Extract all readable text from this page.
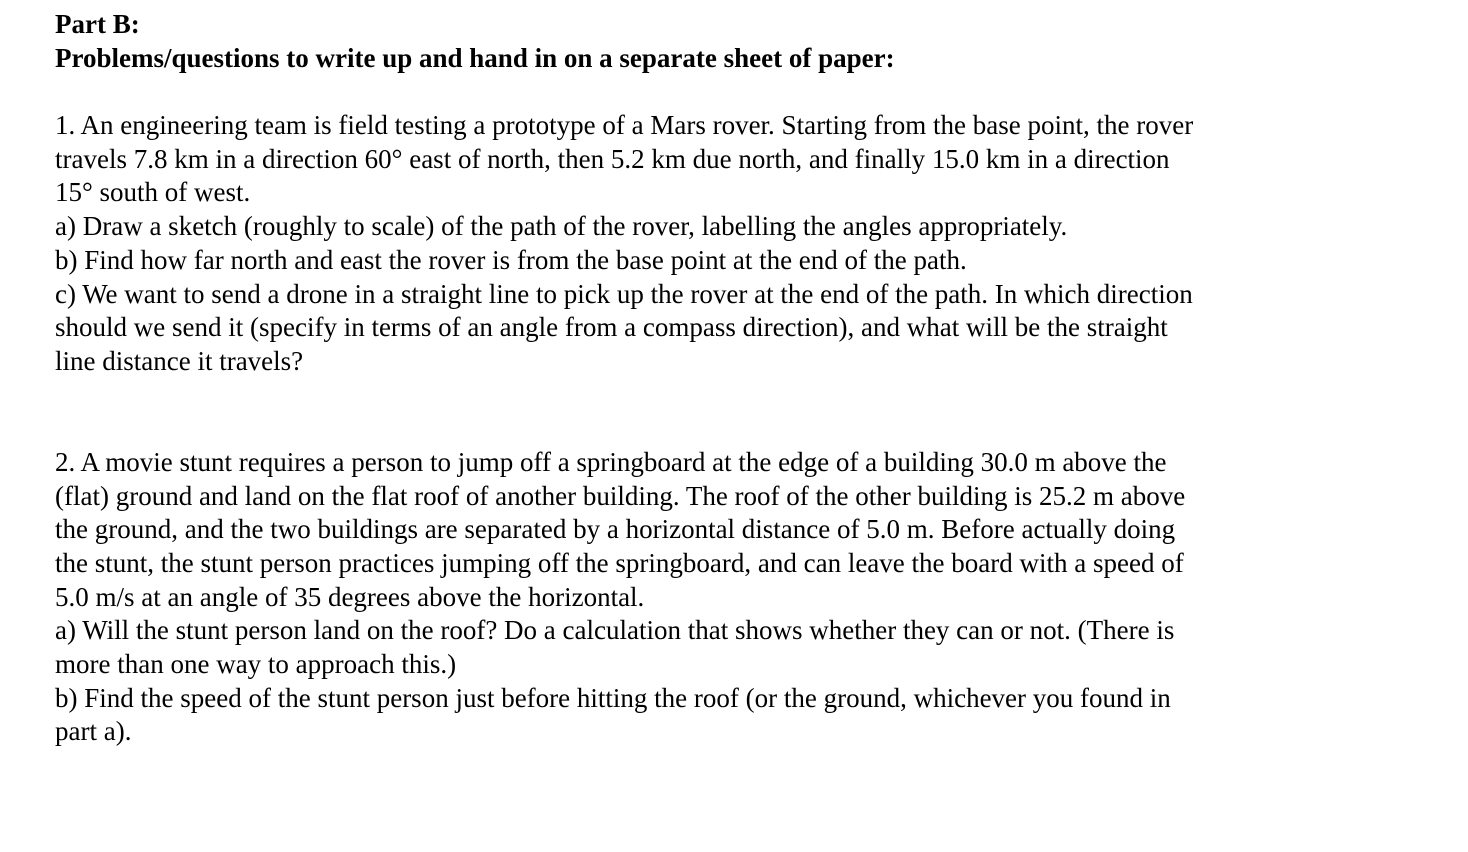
Part B:
Problems/questions to write up and hand in on a separate sheet of paper:
1. An engineering team is field testing a prototype of a Mars rover. Starting from the base point, the rover
travels 7.8 km in a direction 60° east of north, then 5.2 km due north, and finally 15.0 km in a direction
15° south of west.
a) Draw a sketch (roughly to scale) of the path of the rover, labelling the angles appropriately.
b) Find how far north and east the rover is from the base point at the end of the path.
c) We want to send a drone in a straight line to pick up the rover at the end of the path. In which direction
should we send it (specify in terms of an angle from a compass direction), and what will be the straight
line distance it travels?
2. A movie stunt requires a person to jump off a springboard at the edge of a building 30.0 m above the
(flat) ground and land on the flat roof of another building. The roof of the other building is 25.2 m above
the ground, and the two buildings are separated by a horizontal distance of 5.0 m. Before actually doing
the stunt, the stunt person practices jumping off the springboard, and can leave the board with a speed of
5.0 m/s at an angle of 35 degrees above the horizontal.
a) Will the stunt person land on the roof? Do a calculation that shows whether they can or not. (There is
more than one way to approach this.)
b) Find the speed of the stunt person just before hitting the roof (or the ground, whichever you found in
part a).
